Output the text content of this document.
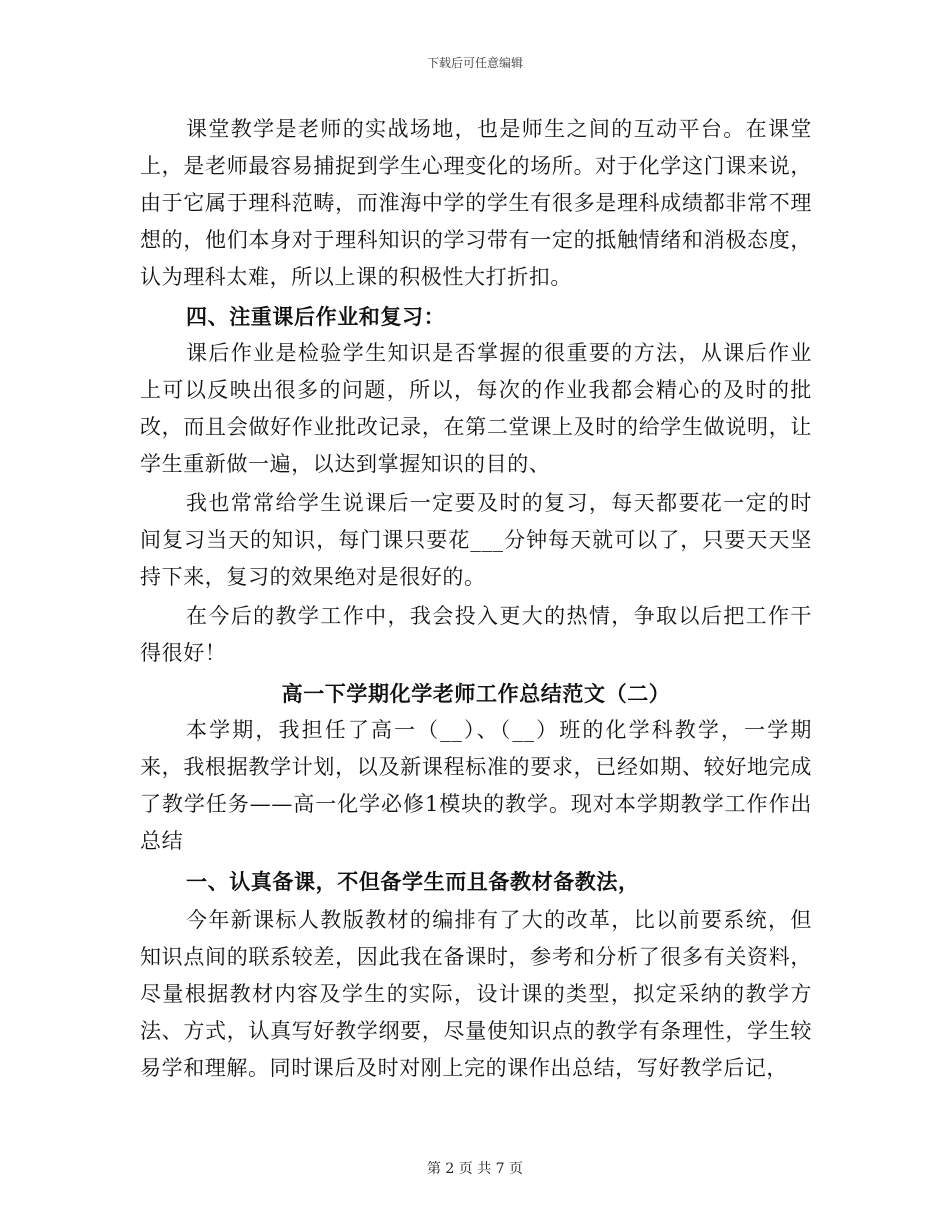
下载后可任意编辑

课堂教学是老师的实战场地，也是师生之间的互动平台。在课堂上，是老师最容易捕捉到学生心理变化的场所。对于化学这门课来说，由于它属于理科范畴，而淮海中学的学生有很多是理科成绩都非常不理想的，他们本身对于理科知识的学习带有一定的抵触情绪和消极态度，认为理科太难，所以上课的积极性大打折扣。

四、注重课后作业和复习：

课后作业是检验学生知识是否掌握的很重要的方法，从课后作业上可以反映出很多的问题，所以，每次的作业我都会精心的及时的批改，而且会做好作业批改记录，在第二堂课上及时的给学生做说明，让学生重新做一遍，以达到掌握知识的目的、

我也常常给学生说课后一定要及时的复习，每天都要花一定的时间复习当天的知识，每门课只要花___分钟每天就可以了，只要天天坚持下来，复习的效果绝对是很好的。

在今后的教学工作中，我会投入更大的热情，争取以后把工作干得很好！

高一下学期化学老师工作总结范文（二）

本学期，我担任了高一（__）、（__）班的化学科教学，一学期来，我根据教学计划，以及新课程标准的要求，已经如期、较好地完成了教学任务——高一化学必修1模块的教学。现对本学期教学工作作出总结

一、认真备课，不但备学生而且备教材备教法，

今年新课标人教版教材的编排有了大的改革，比以前要系统，但知识点间的联系较差，因此我在备课时，参考和分析了很多有关资料，尽量根据教材内容及学生的实际，设计课的类型，拟定采纳的教学方法、方式，认真写好教学纲要，尽量使知识点的教学有条理性，学生较易学和理解。同时课后及时对刚上完的课作出总结，写好教学后记，

第 2 页 共 7 页
